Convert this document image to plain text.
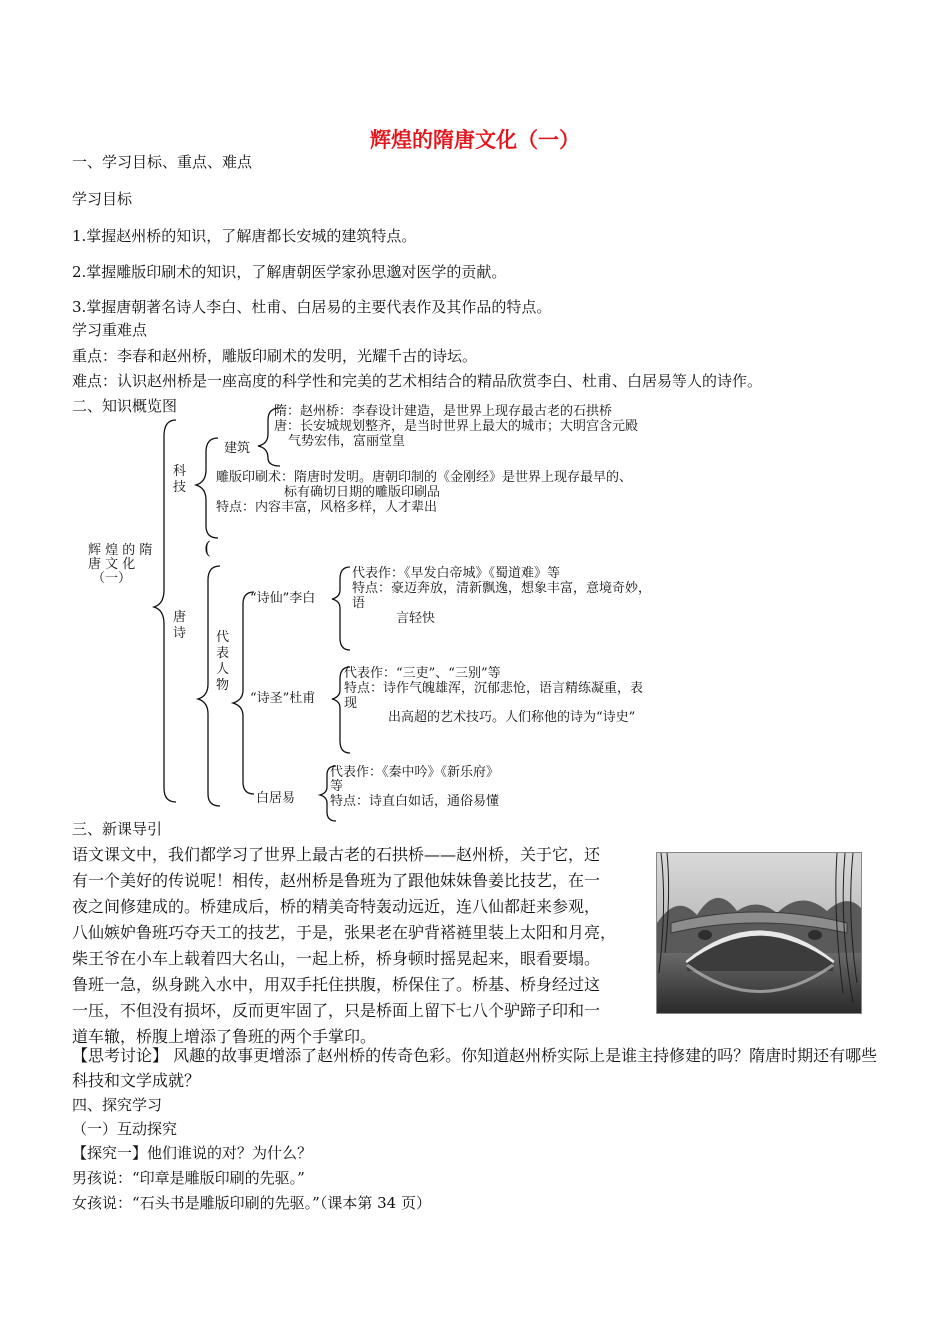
辉煌的隋唐文化（一）
一、学习目标、重点、难点
学习目标
1.掌握赵州桥的知识，了解唐都长安城的建筑特点。
2.掌握雕版印刷术的知识，了解唐朝医学家孙思邈对医学的贡献。
3.掌握唐朝著名诗人李白、杜甫、白居易的主要代表作及其作品的特点。
学习重难点
重点：李春和赵州桥，雕版印刷术的发明，光耀千古的诗坛。
难点：认识赵州桥是一座高度的科学性和完美的艺术相结合的精品欣赏李白、杜甫、白居易等人的诗作。
二、知识概览图
辉 煌 的 隋
唐 文 化
（一）
科
技
唐
诗
建筑
隋：赵州桥：李春设计建造，是世界上现存最古老的石拱桥
唐：长安城规划整齐，是当时世界上最大的城市；大明宫含元殿
气势宏伟，富丽堂皇
雕版印刷术：隋唐时发明。唐朝印制的《金刚经》是世界上现存最早的、
标有确切日期的雕版印刷品
特点：内容丰富，风格多样，人才辈出
(
代
表
人
物
“诗仙”李白
代表作：《早发白帝城》《蜀道难》等
特点：豪迈奔放，清新飘逸，想象丰富，意境奇妙，
语
言轻快
“诗圣”杜甫
代表作：“三吏”、“三别”等
特点：诗作气魄雄浑，沉郁悲怆，语言精练凝重，表
现
出高超的艺术技巧。人们称他的诗为“诗史”
白居易
代表作：《秦中吟》《新乐府》
等
特点：诗直白如话，通俗易懂
三、新课导引
语文课文中，我们都学习了世界上最古老的石拱桥——赵州桥，关于它，还
有一个美好的传说呢！相传，赵州桥是鲁班为了跟他妹妹鲁姜比技艺，在一
夜之间修建成的。桥建成后，桥的精美奇特轰动远近，连八仙都赶来参观，
八仙嫉妒鲁班巧夺天工的技艺，于是，张果老在驴背褡裢里装上太阳和月亮，
柴王爷在小车上载着四大名山，一起上桥，桥身顿时摇晃起来，眼看要塌。
鲁班一急，纵身跳入水中，用双手托住拱腹，桥保住了。桥基、桥身经过这
一压，不但没有损坏，反而更牢固了，只是桥面上留下七八个驴蹄子印和一
道车辙，桥腹上增添了鲁班的两个手掌印。
【思考讨论】 风趣的故事更增添了赵州桥的传奇色彩。你知道赵州桥实际上是谁主持修建的吗？隋唐时期还有哪些科技和文学成就？
四、探究学习
（一）互动探究
【探究一】他们谁说的对？为什么？
男孩说：“印章是雕版印刷的先驱。”
女孩说：“石头书是雕版印刷的先驱。”（课本第 34 页）
